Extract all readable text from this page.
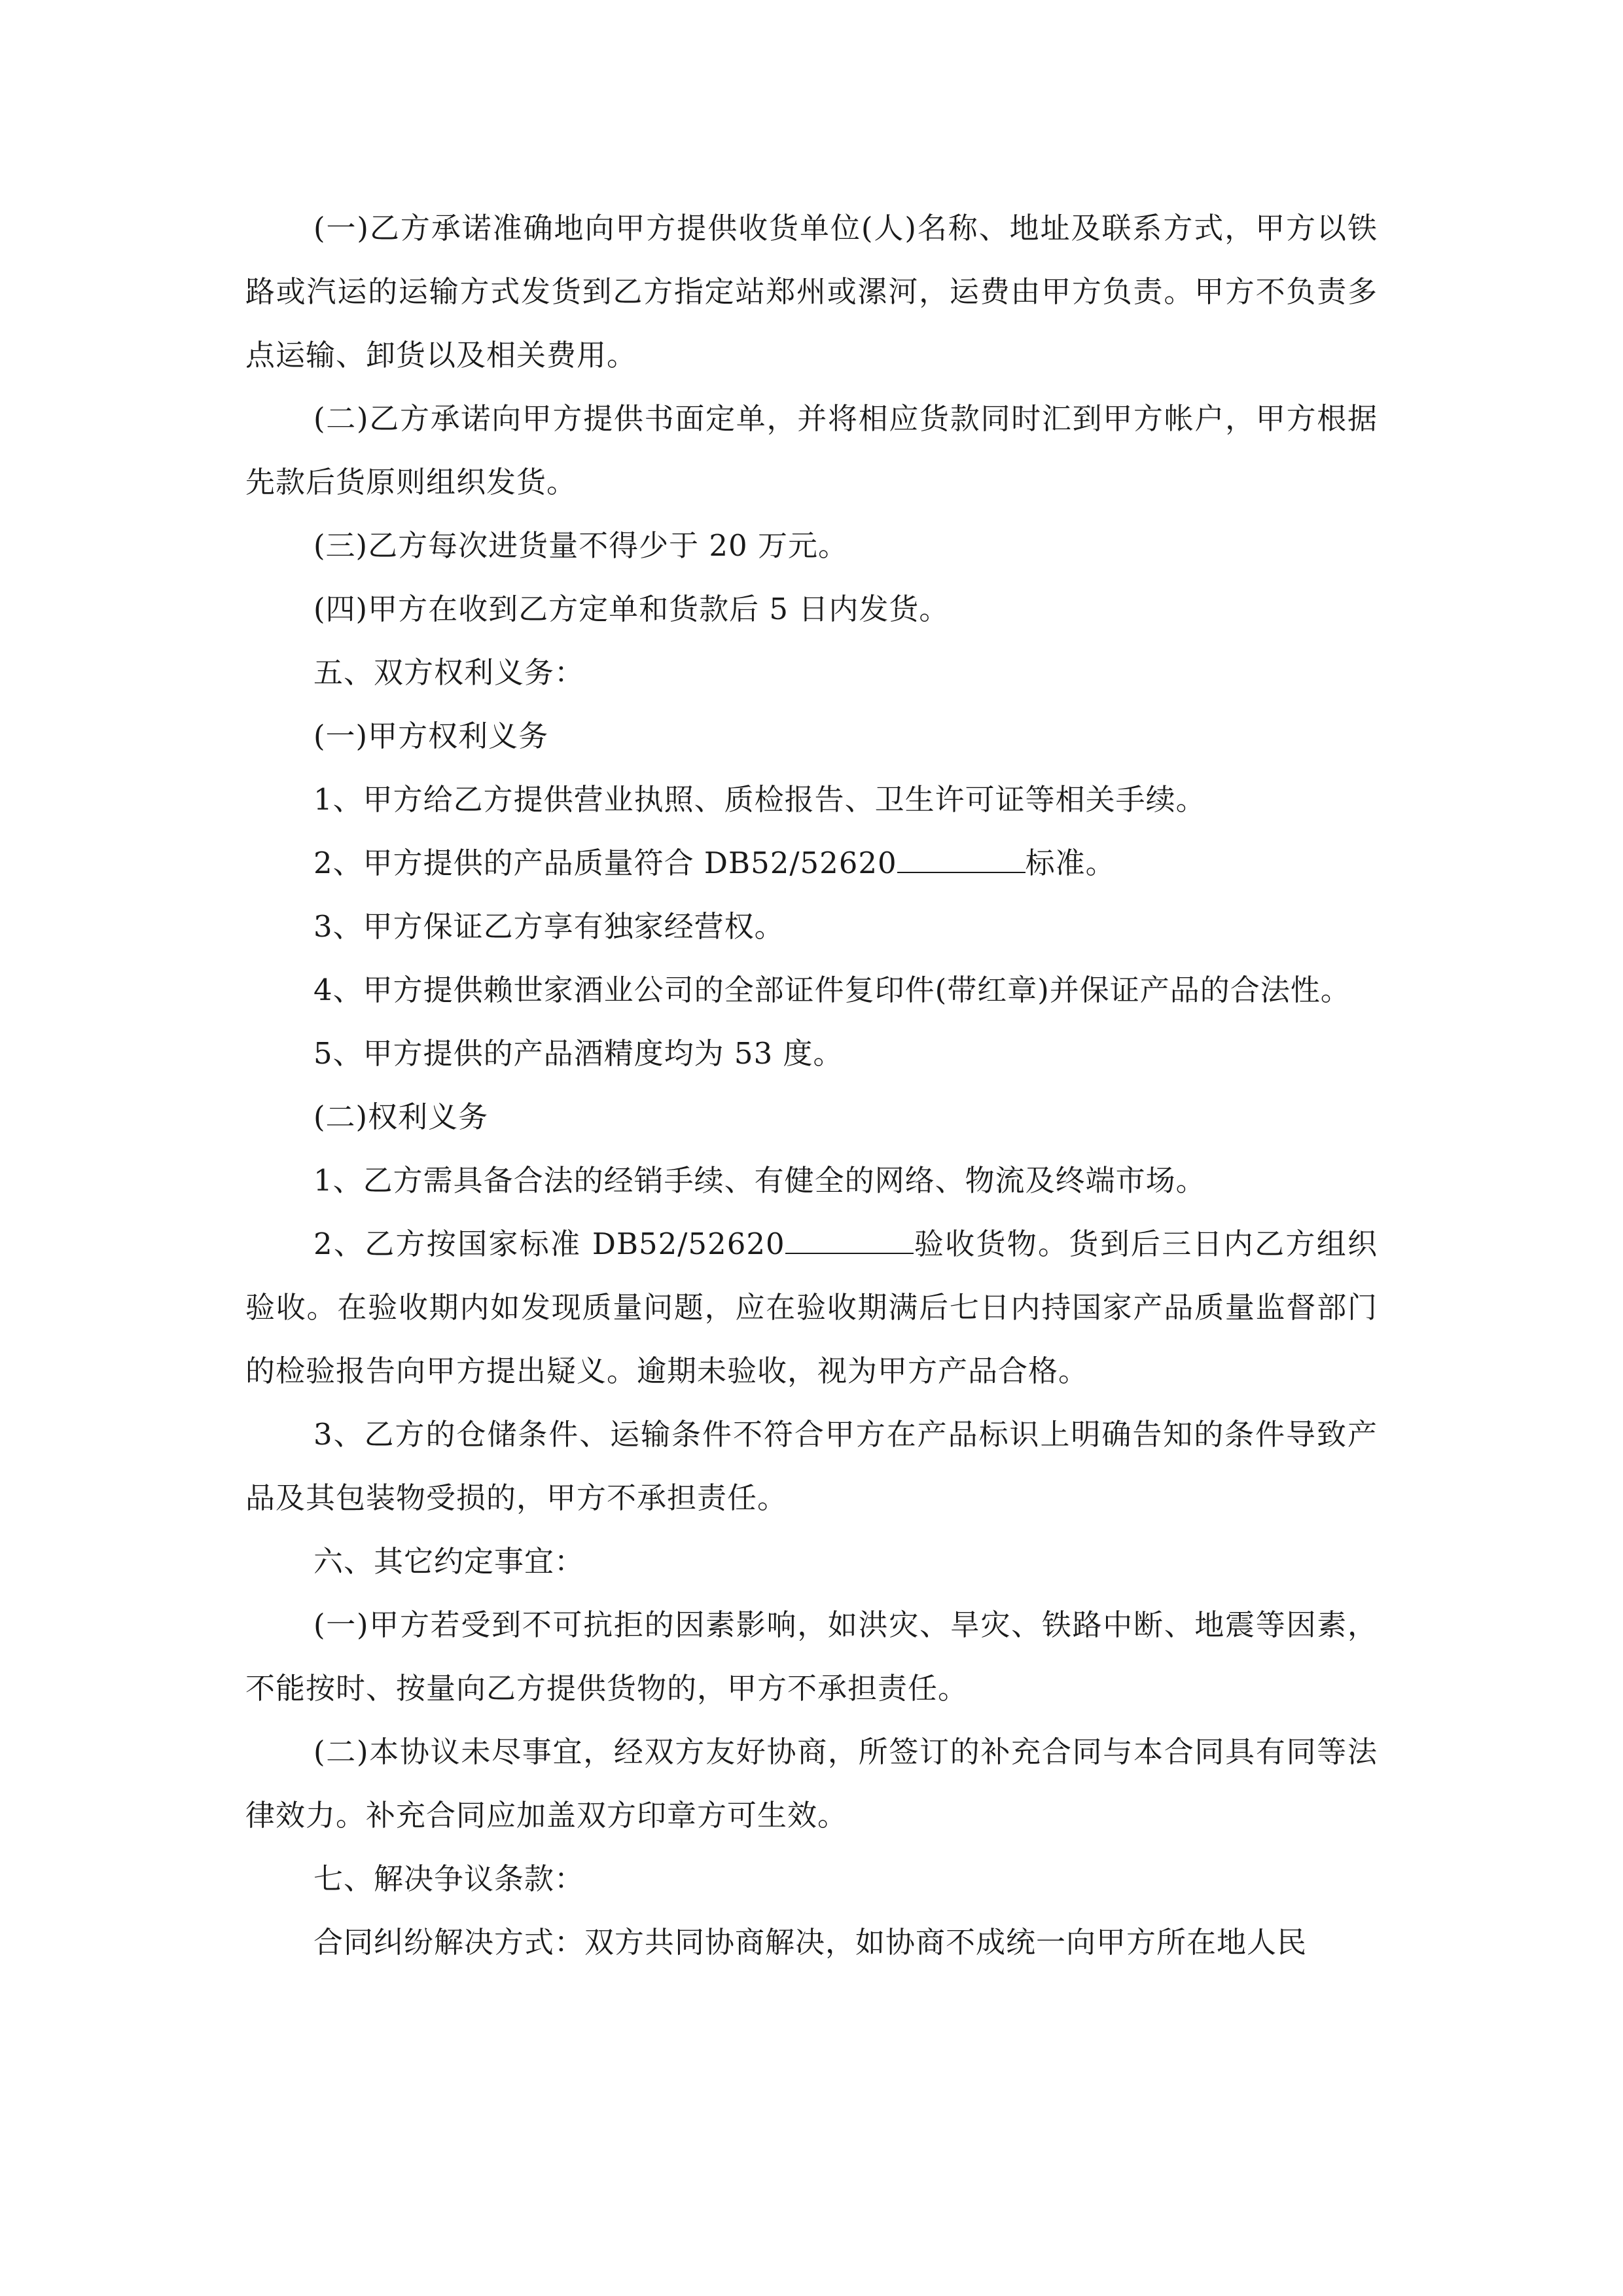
(一)乙方承诺准确地向甲方提供收货单位(人)名称、地址及联系方式，甲方以铁路或汽运的运输方式发货到乙方指定站郑州或漯河，运费由甲方负责。甲方不负责多点运输、卸货以及相关费用。

(二)乙方承诺向甲方提供书面定单，并将相应货款同时汇到甲方帐户，甲方根据先款后货原则组织发货。

(三)乙方每次进货量不得少于 20 万元。

(四)甲方在收到乙方定单和货款后 5 日内发货。

五、双方权利义务：

(一)甲方权利义务

1、甲方给乙方提供营业执照、质检报告、卫生许可证等相关手续。

2、甲方提供的产品质量符合 DB52/52620	标准。

3、甲方保证乙方享有独家经营权。

4、甲方提供赖世家酒业公司的全部证件复印件(带红章)并保证产品的合法性。

5、甲方提供的产品酒精度均为 53 度。

(二)权利义务

1、乙方需具备合法的经销手续、有健全的网络、物流及终端市场。

2、乙方按国家标准 DB52/52620	验收货物。货到后三日内乙方组织验收。在验收期内如发现质量问题，应在验收期满后七日内持国家产品质量监督部门的检验报告向甲方提出疑义。逾期未验收，视为甲方产品合格。

3、乙方的仓储条件、运输条件不符合甲方在产品标识上明确告知的条件导致产品及其包装物受损的，甲方不承担责任。

六、其它约定事宜：

(一)甲方若受到不可抗拒的因素影响，如洪灾、旱灾、铁路中断、地震等因素，不能按时、按量向乙方提供货物的，甲方不承担责任。

(二)本协议未尽事宜，经双方友好协商，所签订的补充合同与本合同具有同等法律效力。补充合同应加盖双方印章方可生效。

七、解决争议条款：

合同纠纷解决方式：双方共同协商解决，如协商不成统一向甲方所在地人民
